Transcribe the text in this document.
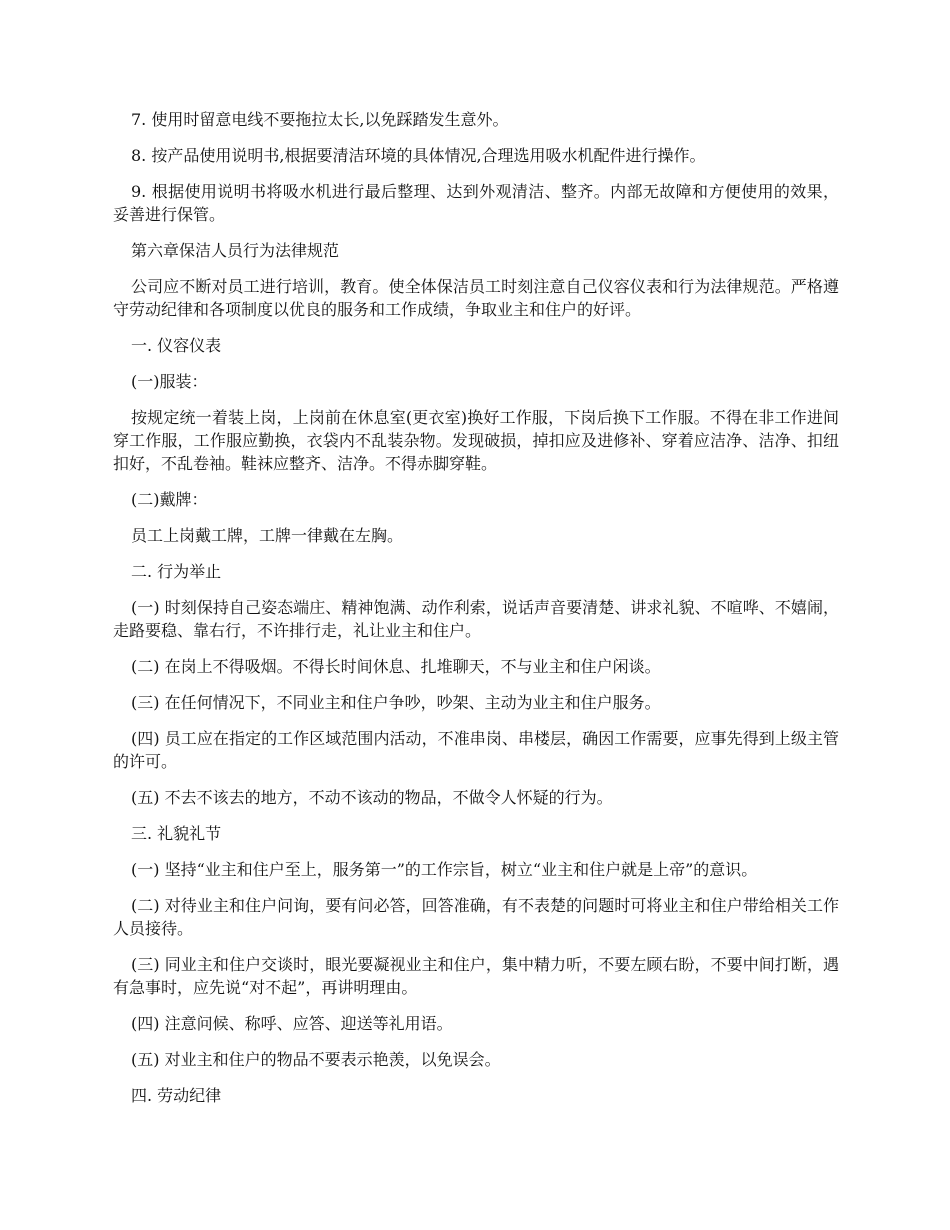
7. 使用时留意电线不要拖拉太长,以免踩踏发生意外。

8. 按产品使用说明书,根据要清洁环境的具体情况,合理选用吸水机配件进行操作。

9. 根据使用说明书将吸水机进行最后整理、达到外观清洁、整齐。内部无故障和方便使用的效果，妥善进行保管。

第六章保洁人员行为法律规范

公司应不断对员工进行培训，教育。使全体保洁员工时刻注意自己仪容仪表和行为法律规范。严格遵守劳动纪律和各项制度以优良的服务和工作成绩，争取业主和住户的好评。

一. 仪容仪表

(一)服装：

按规定统一着装上岗，上岗前在休息室(更衣室)换好工作服，下岗后换下工作服。不得在非工作进间穿工作服，工作服应勤换，衣袋内不乱装杂物。发现破损，掉扣应及进修补、穿着应洁净、洁净、扣纽扣好，不乱卷袖。鞋袜应整齐、洁净。不得赤脚穿鞋。

(二)戴牌：

员工上岗戴工牌，工牌一律戴在左胸。

二. 行为举止

(一) 时刻保持自己姿态端庄、精神饱满、动作利索，说话声音要清楚、讲求礼貌、不喧哗、不嬉闹，走路要稳、靠右行，不许排行走，礼让业主和住户。

(二) 在岗上不得吸烟。不得长时间休息、扎堆聊天，不与业主和住户闲谈。

(三) 在任何情况下，不同业主和住户争吵，吵架、主动为业主和住户服务。

(四) 员工应在指定的工作区域范围内活动，不准串岗、串楼层，确因工作需要，应事先得到上级主管的许可。

(五) 不去不该去的地方，不动不该动的物品，不做令人怀疑的行为。

三. 礼貌礼节

(一) 坚持“业主和住户至上，服务第一”的工作宗旨，树立“业主和住户就是上帝”的意识。

(二) 对待业主和住户问询，要有问必答，回答准确，有不表楚的问题时可将业主和住户带给相关工作人员接待。

(三) 同业主和住户交谈时，眼光要凝视业主和住户，集中精力听，不要左顾右盼，不要中间打断，遇有急事时，应先说“对不起”，再讲明理由。

(四) 注意问候、称呼、应答、迎送等礼用语。

(五) 对业主和住户的物品不要表示艳羡，以免误会。

四. 劳动纪律
